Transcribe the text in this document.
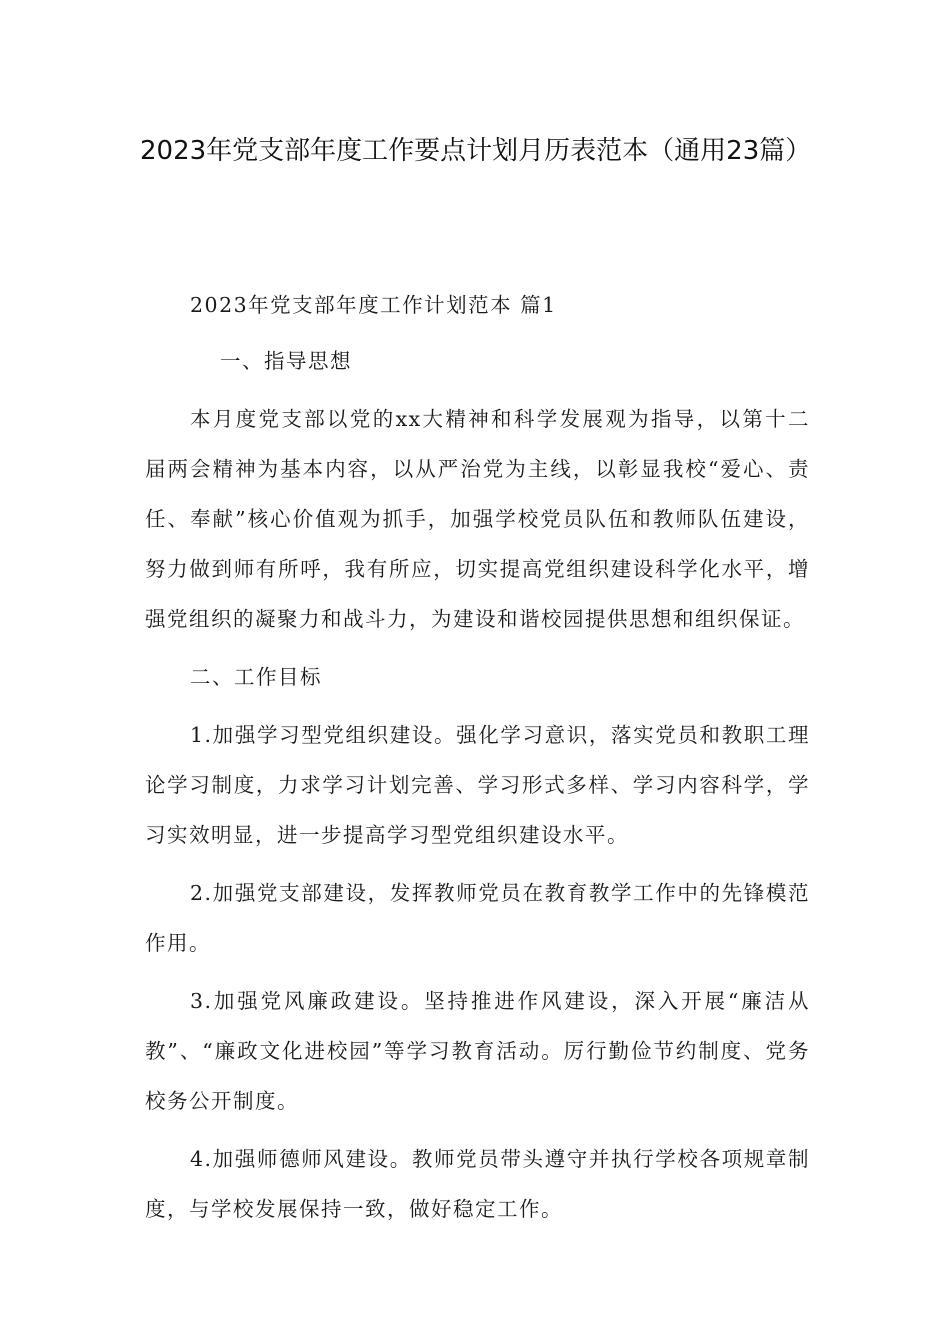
2023年党支部年度工作要点计划月历表范本（通用23篇）

2023年党支部年度工作计划范本 篇1

一、指导思想

本月度党支部以党的xx大精神和科学发展观为指导，以第十二届两会精神为基本内容，以从严治党为主线，以彰显我校“爱心、责任、奉献”核心价值观为抓手，加强学校党员队伍和教师队伍建设，努力做到师有所呼，我有所应，切实提高党组织建设科学化水平，增强党组织的凝聚力和战斗力，为建设和谐校园提供思想和组织保证。

二、工作目标

1.加强学习型党组织建设。强化学习意识，落实党员和教职工理论学习制度，力求学习计划完善、学习形式多样、学习内容科学，学习实效明显，进一步提高学习型党组织建设水平。

2.加强党支部建设，发挥教师党员在教育教学工作中的先锋模范作用。

3.加强党风廉政建设。坚持推进作风建设，深入开展“廉洁从教”、“廉政文化进校园”等学习教育活动。厉行勤俭节约制度、党务校务公开制度。

4.加强师德师风建设。教师党员带头遵守并执行学校各项规章制度，与学校发展保持一致，做好稳定工作。
